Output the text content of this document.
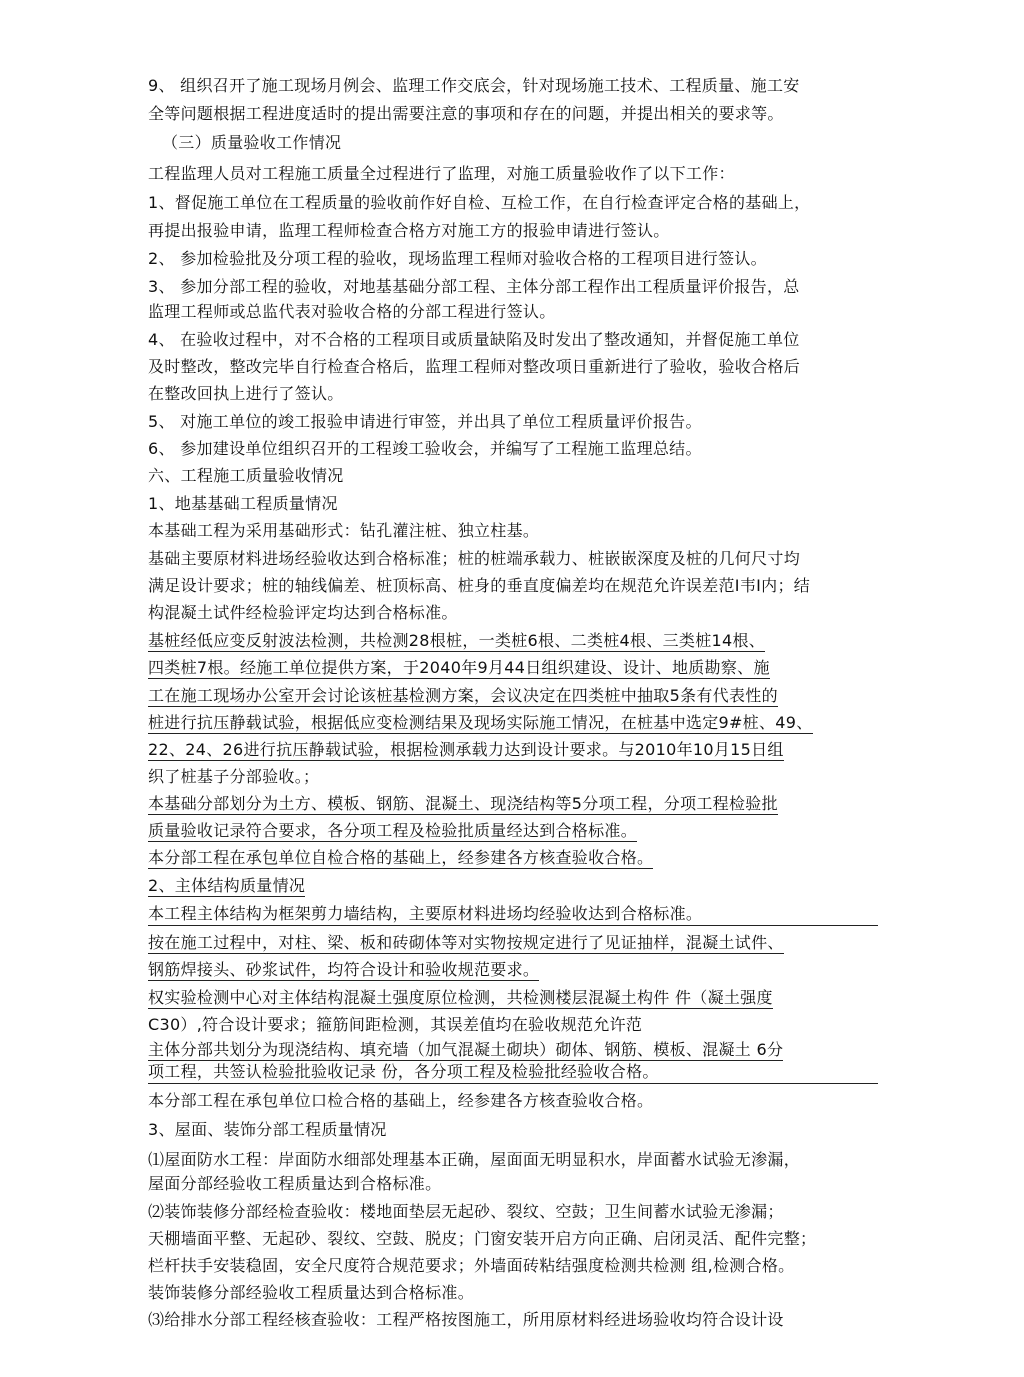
9、 组织召开了施工现场月例会、监理工作交底会，针对现场施工技术、工程质量、施工安
全等问题根据工程进度适时的提出需要注意的事项和存在的问题，并提出相关的要求等。
（三）质量验收工作情况
工程监理人员对工程施工质量全过程进行了监理，对施工质量验收作了以下工作：
1、督促施工单位在工程质量的验收前作好自检、互检工作，在自行检查评定合格的基础上，
再提出报验申请，监理工程师检查合格方对施工方的报验申请进行签认。
2、 参加检验批及分项工程的验收，现场监理工程师对验收合格的工程项目进行签认。
3、 参加分部工程的验收，对地基基础分部工程、主体分部工程作出工程质量评价报告，总
监理工程师或总监代表对验收合格的分部工程进行签认。
4、 在验收过程中，对不合格的工程项目或质量缺陷及时发出了整改通知，并督促施工单位
及时整改，整改完毕自行检查合格后，监理工程师对整改项日重新进行了验收，验收合格后
在整改回执上进行了签认。
5、 对施工单位的竣工报验申请进行审签，并出具了单位工程质量评价报告。
6、 参加建设单位组织召开的工程竣工验收会，并编写了工程施工监理总结。
六、工程施工质量验收情况
1、地基基础工程质量情况
本基础工程为采用基础形式：钻孔灌注桩、独立柱基。
基础主要原材料进场经验收达到合格标准；桩的桩端承载力、桩嵌嵌深度及桩的几何尺寸均
满足设计要求；桩的轴线偏差、桩顶标高、桩身的垂直度偏差均在规范允许误差范I韦I内；结
构混凝土试件经检验评定均达到合格标准。
基桩经低应变反射波法检测，共检测28根桩，一类桩6根、二类桩4根、三类桩14根、
四类桩7根。经施工单位提供方案，于2040年9月44日组织建设、设计、地质勘察、施
工在施工现场办公室开会讨论该桩基检测方案，会议决定在四类桩中抽取5条有代表性的
桩进行抗压静载试验，根据低应变检测结果及现场实际施工情况，在桩基中选定9#桩、49、
22、24、26进行抗压静载试验，根据检测承载力达到设计要求。与2010年10月15日组
织了桩基子分部验收。；
本基础分部划分为土方、模板、钢筋、混凝土、现浇结构等5分项工程，分项工程检验批
质量验收记录符合要求，各分项工程及检验批质量经达到合格标准。
本分部工程在承包单位自检合格的基础上，经参建各方核查验收合格。
2、主体结构质量情况
本工程主体结构为框架剪力墙结构，主要原材料进场均经验收达到合格标准。
按在施工过程中，对柱、梁、板和砖砌体等对实物按规定进行了见证抽样，混凝土试件、
钢筋焊接头、砂浆试件，均符合设计和验收规范要求。
权实验检测中心对主体结构混凝土强度原位检测，共检测楼层混凝土构件 件（凝土强度
C30）,符合设计要求；箍筋间距检测，其误差值均在验收规范允许范
主体分部共划分为现浇结构、填充墙（加气混凝土砌块）砌体、钢筋、模板、混凝土 6分
项工程，共签认检验批验收记录 份，各分项工程及检验批经验收合格。
本分部工程在承包单位口检合格的基础上，经参建各方核查验收合格。
3、屋面、装饰分部工程质量情况
⑴屋面防水工程：岸面防水细部处理基本正确，屋面面无明显积水，岸面蓄水试验无渗漏，
屋面分部经验收工程质量达到合格标准。
⑵装饰装修分部经检查验收：楼地面垫层无起砂、裂纹、空鼓；卫生间蓄水试验无渗漏；
天棚墙面平整、无起砂、裂纹、空鼓、脱皮；门窗安装开启方向正确、启闭灵活、配件完整；
栏杆扶手安装稳固，安全尺度符合规范要求；外墙面砖粘结强度检测共检测 组,检测合格。
装饰装修分部经验收工程质量达到合格标准。
⑶给排水分部工程经核查验收：工程严格按图施工，所用原材料经进场验收均符合设计设
